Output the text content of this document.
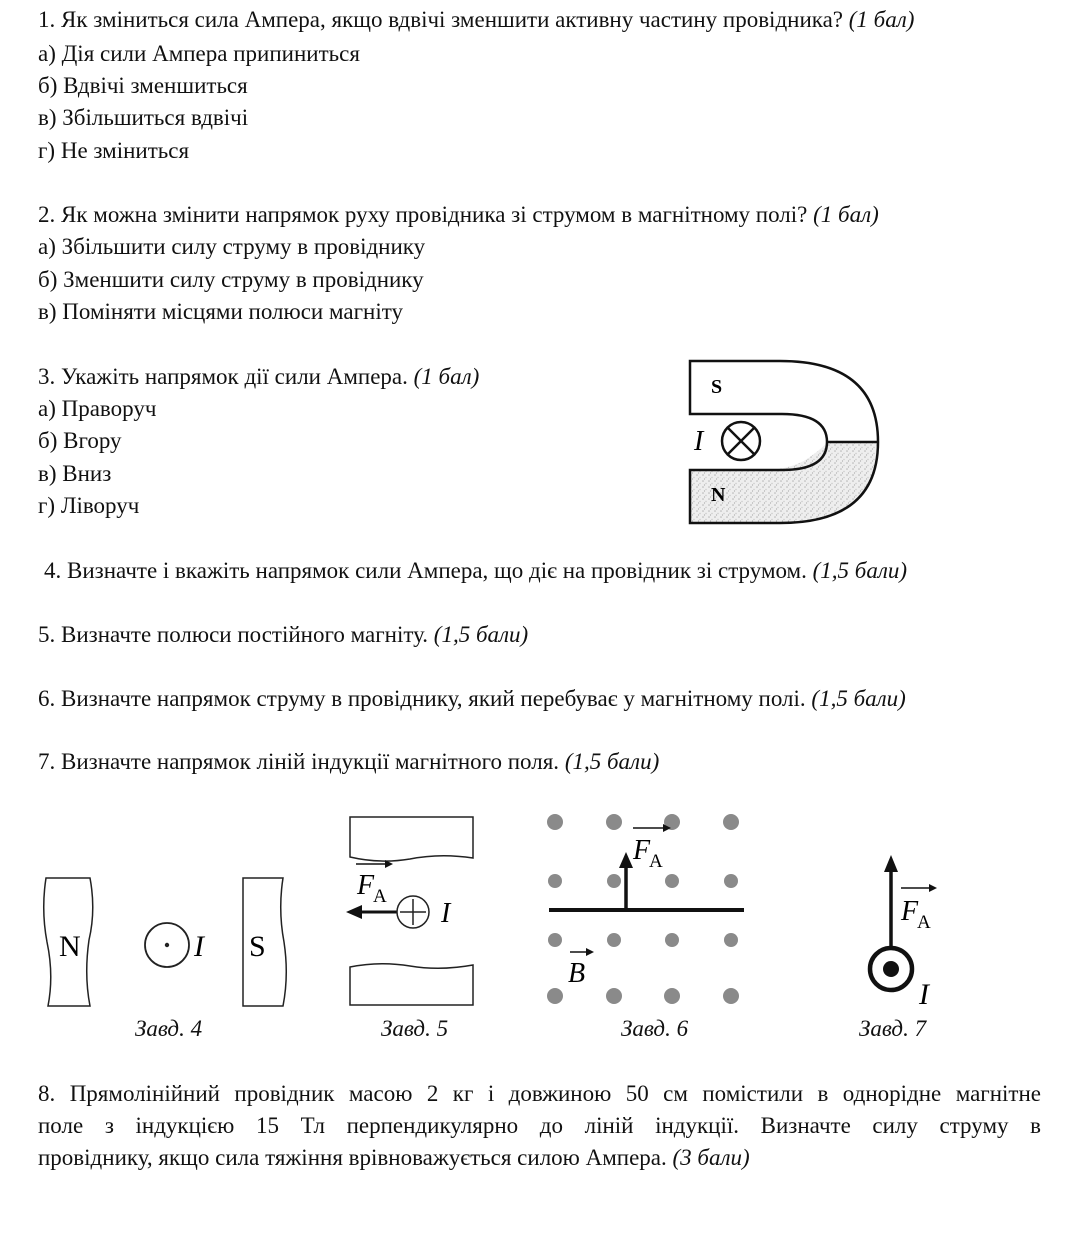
1. Як зміниться сила Ампера, якщо вдвічі зменшити активну частину провідника? (1 бал)
а) Дія сили Ампера припиниться
б) Вдвічі зменшиться
в) Збільшиться вдвічі
г) Не зміниться
2. Як можна змінити напрямок руху провідника зі струмом в магнітному полі? (1 бал)
а) Збільшити силу струму в провіднику
б) Зменшити силу струму в провіднику
в) Поміняти місцями полюси магніту
3. Укажіть напрямок дії сили Ампера. (1 бал)
а) Праворуч
б) Вгору
в) Вниз
г) Ліворуч
S
N
I
4. Визначте і вкажіть напрямок сили Ампера, що діє на провідник зі струмом. (1,5 бали)
5. Визначте полюси постійного магніту. (1,5 бали)
6. Визначте напрямок струму в провіднику, який перебуває у магнітному полі. (1,5 бали)
7. Визначте напрямок ліній індукції магнітного поля. (1,5 бали)
N	I S
F
A
I
F
A
B
F
A
I
Завд. 4	Завд. 5	Завд. 6	Завд. 7
8. Прямолінійний провідник масою 2 кг і довжиною 50 см помістили в однорідне магнітне
поле з індукцією 15 Тл перпендикулярно до ліній індукції. Визначте силу струму в
провіднику, якщо сила тяжіння врівноважується силою Ампера. (3 бали)
